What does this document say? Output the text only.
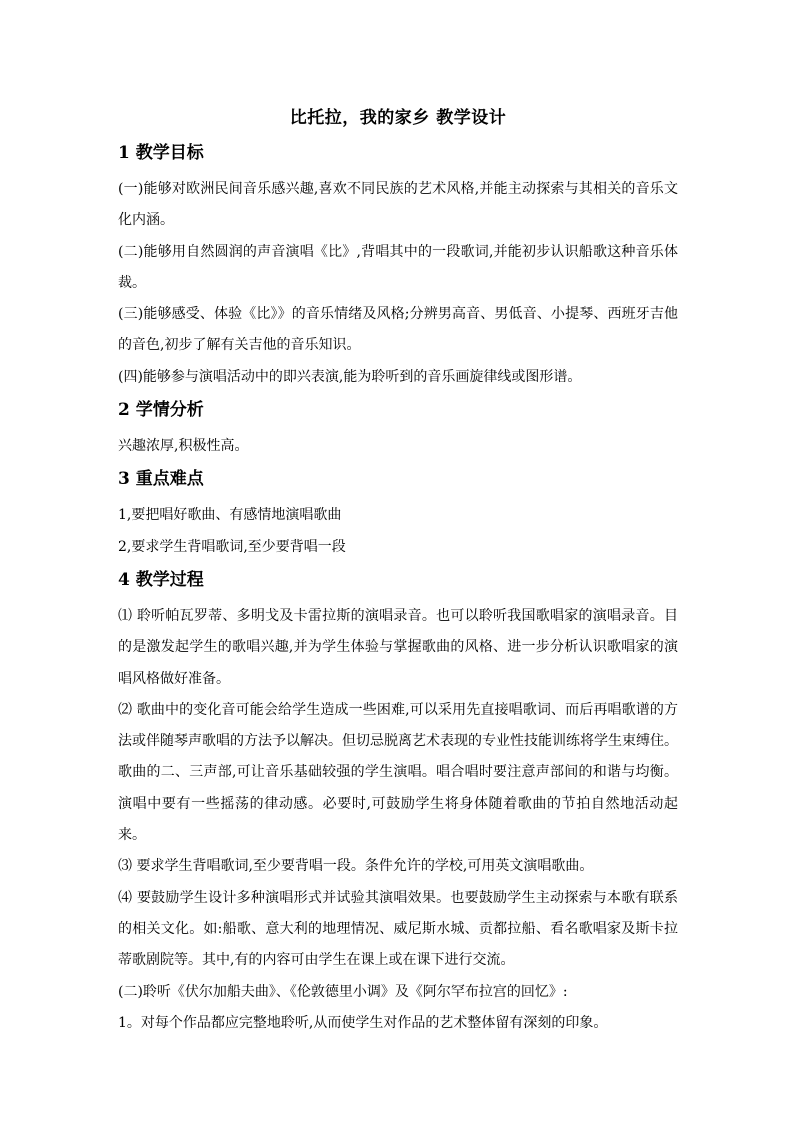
比托拉，我的家乡 教学设计
1 教学目标

(一)能够对欧洲民间音乐感兴趣,喜欢不同民族的艺术风格,并能主动探索与其相关的音乐文化内涵。

(二)能够用自然圆润的声音演唱《比》,背唱其中的一段歌词,并能初步认识船歌这种音乐体裁。

(三)能够感受、体验《比》》的音乐情绪及风格;分辨男高音、男低音、小提琴、西班牙吉他的音色,初步了解有关吉他的音乐知识。

(四)能够参与演唱活动中的即兴表演,能为聆听到的音乐画旋律线或图形谱。

2 学情分析

兴趣浓厚,积极性高。

3 重点难点

1,要把唱好歌曲、有感情地演唱歌曲

2,要求学生背唱歌词,至少要背唱一段

4 教学过程

⑴ 聆听帕瓦罗蒂、多明戈及卡雷拉斯的演唱录音。也可以聆听我国歌唱家的演唱录音。目的是激发起学生的歌唱兴趣,并为学生体验与掌握歌曲的风格、进一步分析认识歌唱家的演唱风格做好准备。

⑵ 歌曲中的变化音可能会给学生造成一些困难,可以采用先直接唱歌词、而后再唱歌谱的方法或伴随琴声歌唱的方法予以解决。但切忌脱离艺术表现的专业性技能训练将学生束缚住。歌曲的二、三声部,可让音乐基础较强的学生演唱。唱合唱时要注意声部间的和谐与均衡。演唱中要有一些摇荡的律动感。必要时,可鼓励学生将身体随着歌曲的节拍自然地活动起来。

⑶ 要求学生背唱歌词,至少要背唱一段。条件允许的学校,可用英文演唱歌曲。

⑷ 要鼓励学生设计多种演唱形式并试验其演唱效果。也要鼓励学生主动探索与本歌有联系的相关文化。如:船歌、意大利的地理情况、威尼斯水城、贡都拉船、看名歌唱家及斯卡拉蒂歌剧院等。其中,有的内容可由学生在课上或在课下进行交流。

(二)聆听《伏尔加船夫曲》、《伦敦德里小调》及《阿尔罕布拉宫的回忆》:

1。对每个作品都应完整地聆听,从而使学生对作品的艺术整体留有深刻的印象。
